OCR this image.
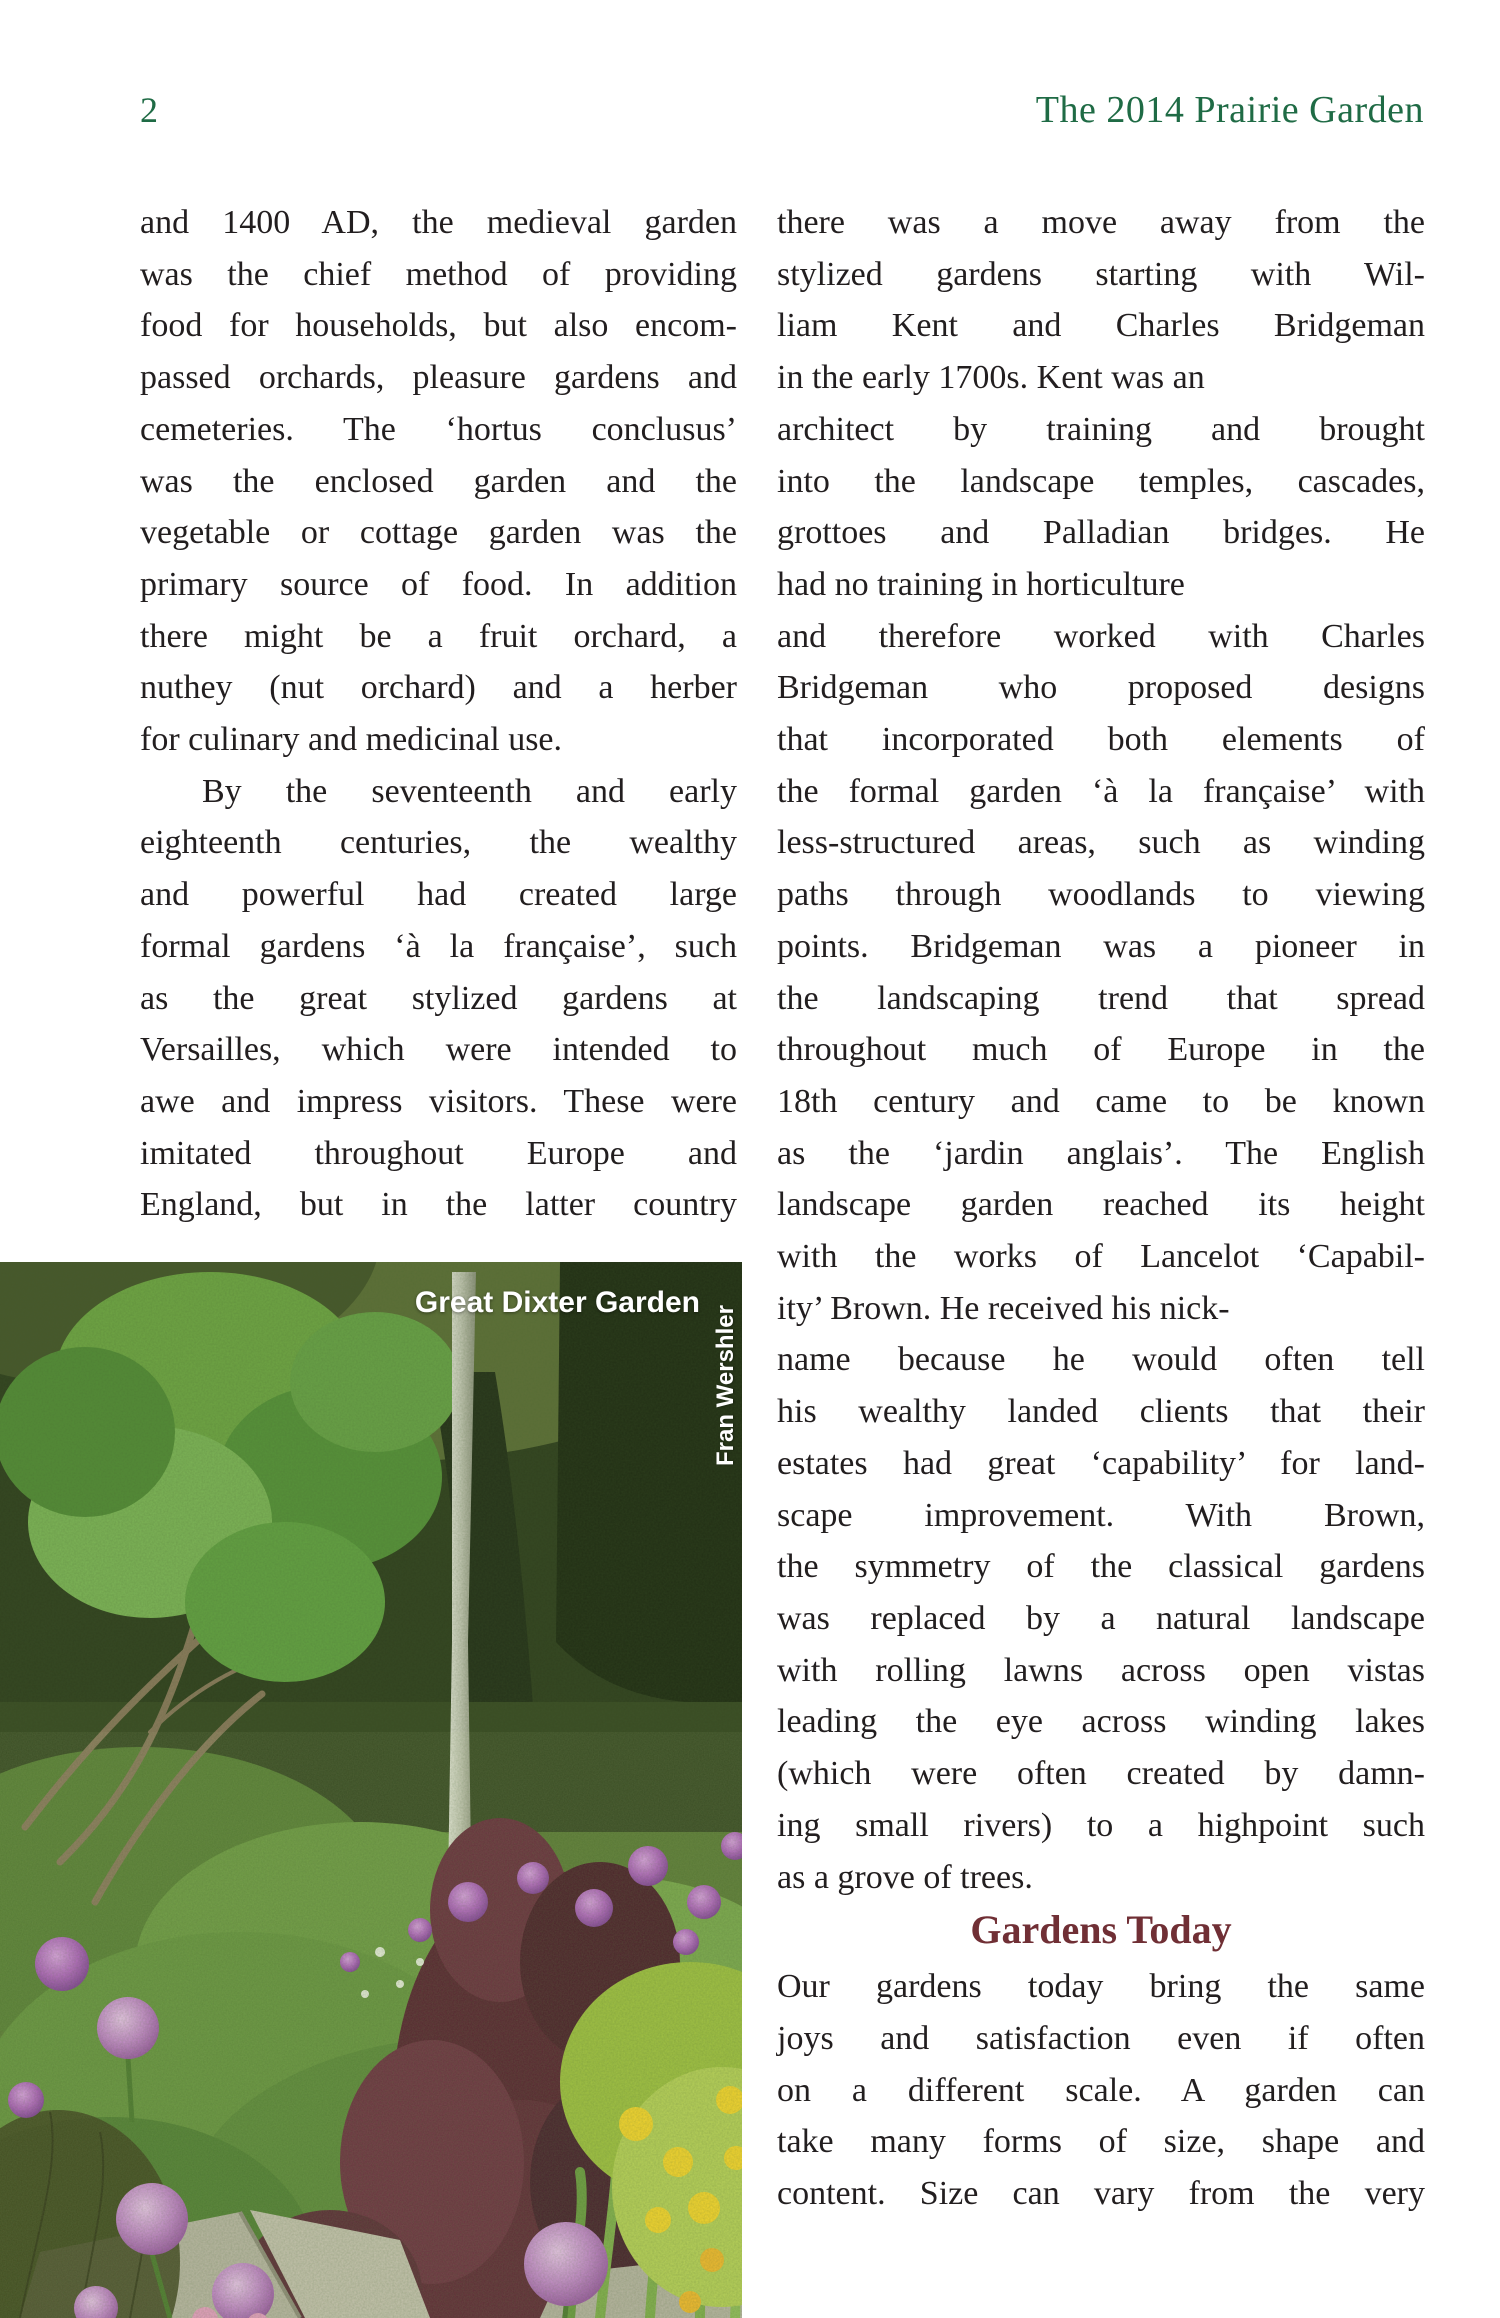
2	The 2014 Prairie Garden
and 1400 AD, the medieval garden
was the chief method of providing
food for households, but also encom-
passed orchards, pleasure gardens and
cemeteries. The ‘hortus conclusus’
was the enclosed garden and the
vegetable or cottage garden was the
primary source of food. In addition
there might be a fruit orchard, a
nuthey (nut orchard) and a herber
for culinary and medicinal use.
By the seventeenth and early
eighteenth centuries, the wealthy
and powerful had created large
formal gardens ‘à la française’, such
as the great stylized gardens at
Versailles, which were intended to
awe and impress visitors. These were
imitated throughout Europe and
England, but in the latter country
there was a move away from the
stylized gardens starting with Wil-
liam Kent and Charles Bridgeman
in the early 1700s. Kent was an
architect by training and brought
into the landscape temples, cascades,
grottoes and Palladian bridges. He
had no training in horticulture
and therefore worked with Charles
Bridgeman who proposed designs
that incorporated both elements of
the formal garden ‘à la française’ with
less-structured areas, such as winding
paths through woodlands to viewing
points. Bridgeman was a pioneer in
the landscaping trend that spread
throughout much of Europe in the
18th century and came to be known
as the ‘jardin anglais’. The English
landscape garden reached its height
with the works of Lancelot ‘Capabil-
ity’ Brown. He received his nick-
name because he would often tell
his wealthy landed clients that their
estates had great ‘capability’ for land-
scape improvement. With Brown,
the symmetry of the classical gardens
was replaced by a natural landscape
with rolling lawns across open vistas
leading the eye across winding lakes
(which were often created by damn-
ing small rivers) to a highpoint such
as a grove of trees.
Gardens Today
Our gardens today bring the same
joys and satisfaction even if often
on a different scale. A garden can
take many forms of size, shape and
content. Size can vary from the very
Great Dixter Garden
Fran Wershler
